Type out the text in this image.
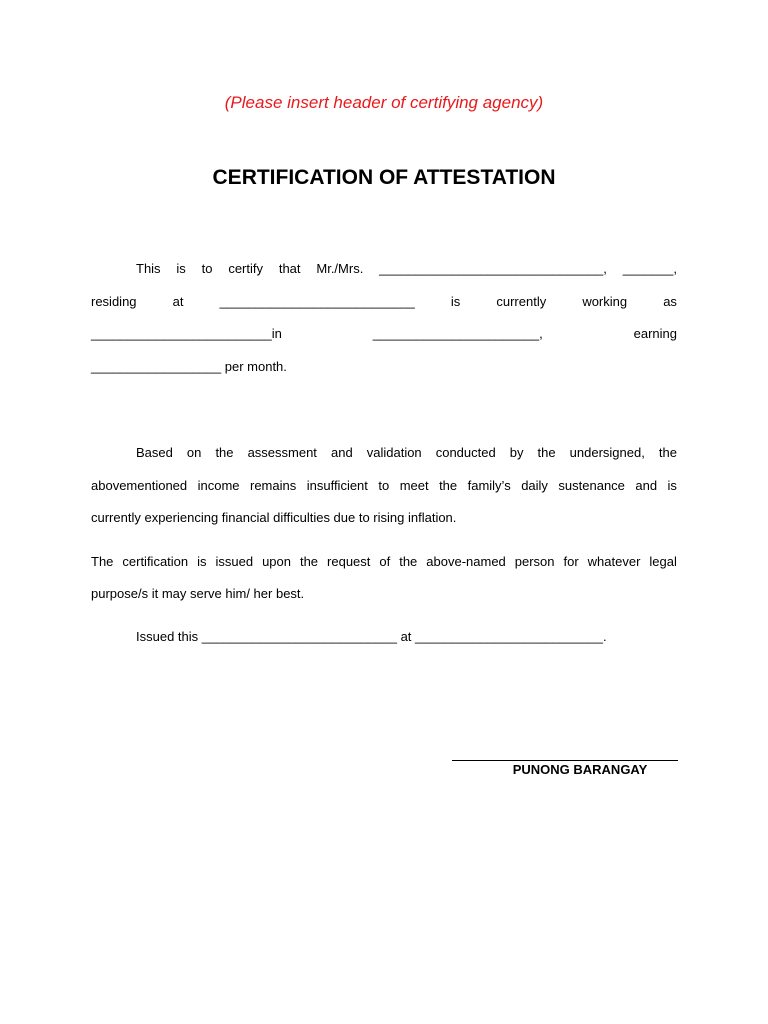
(Please insert header of certifying agency)
CERTIFICATION OF ATTESTATION
This is to certify that Mr./Mrs. _______________________________, _______,
residing	at	___________________________	is	currently	working	as
_________________________in	_______________________,	earning
__________________ per month.
Based on the assessment and validation conducted by the undersigned, the
abovementioned income remains insufficient to meet the family’s daily sustenance and is
currently experiencing financial difficulties due to rising inflation.
The certification is issued upon the request of the above-named person for whatever legal
purpose/s it may serve him/ her best.
Issued this ___________________________ at __________________________.
PUNONG BARANGAY
